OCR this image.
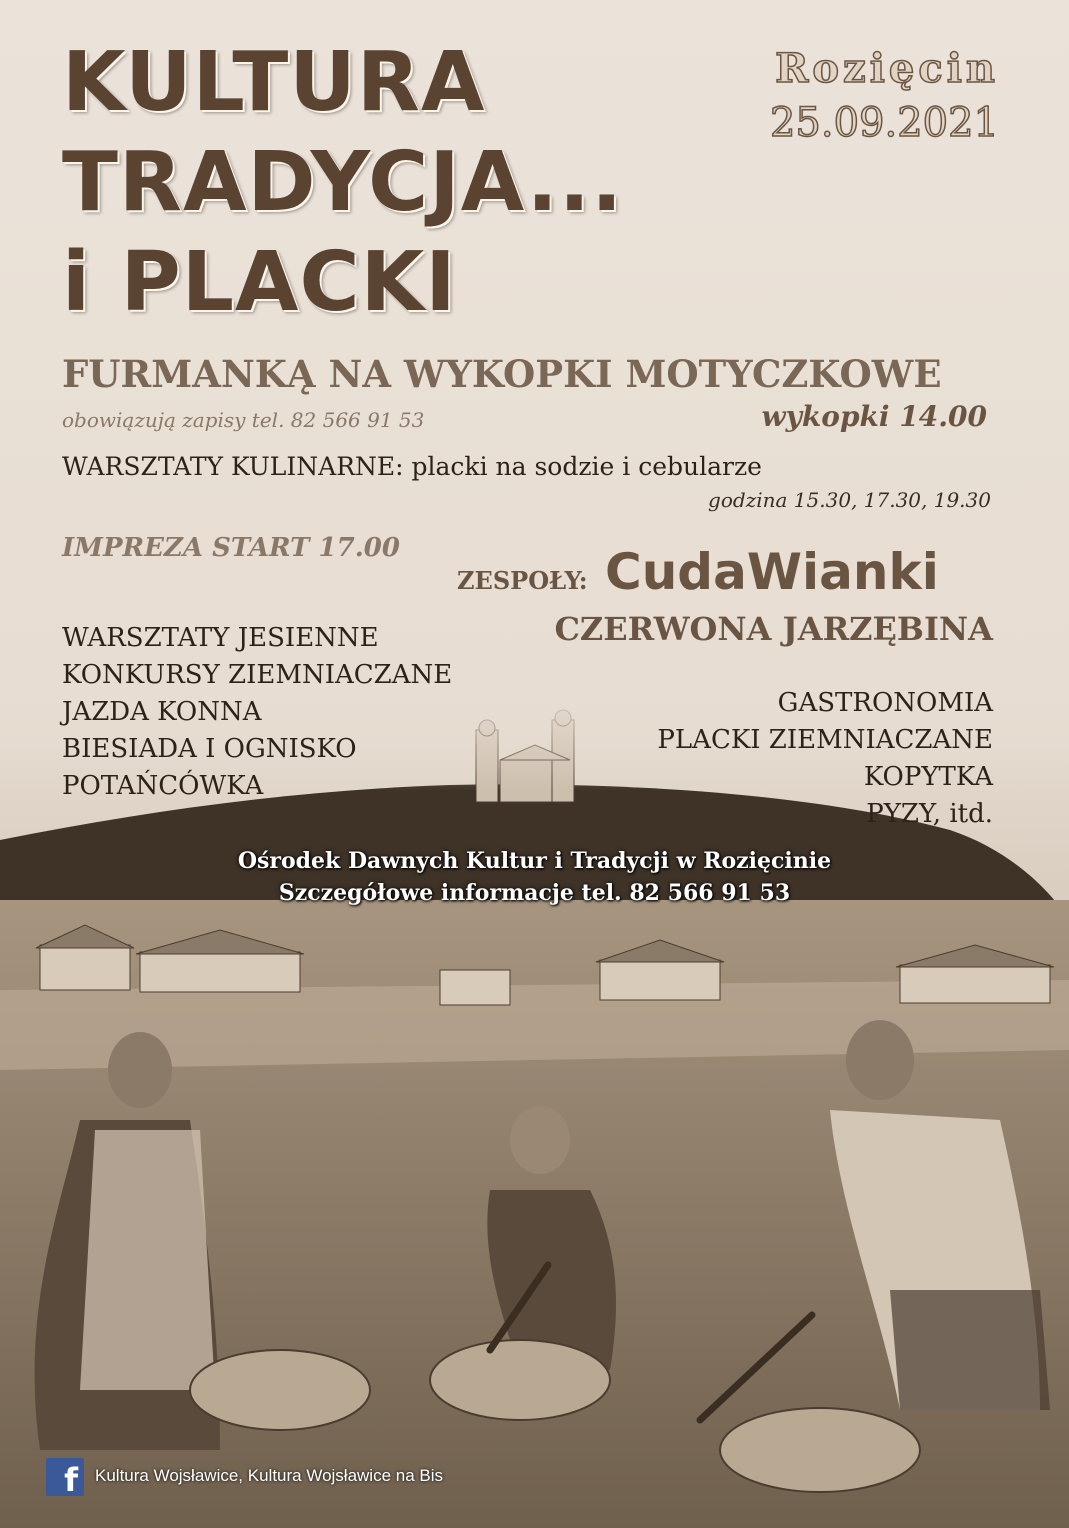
KULTURA
TRADYCJA...
i PLACKI
Rozięcin
25.09.2021
FURMANKĄ NA WYKOPKI MOTYCZKOWE
obowiązują zapisy tel. 82 566 91 53	wykopki 14.00
WARSZTATY KULINARNE: placki na sodzie i cebularze
godzina 15.30, 17.30, 19.30
IMPREZA START 17.00
ZESPOŁY: CudaWianki
CZERWONA JARZĘBINA
WARSZTATY JESIENNE
KONKURSY ZIEMNIACZANE
JAZDA KONNA
BIESIADA I OGNISKO
POTAŃCÓWKA
GASTRONOMIA
PLACKI ZIEMNIACZANE
KOPYTKA
PYZY, itd.
Ośrodek Dawnych Kultur i Tradycji w Rozięcinie
Szczegółowe informacje tel. 82 566 91 53
f	Kultura Wojsławice, Kultura Wojsławice na Bis
